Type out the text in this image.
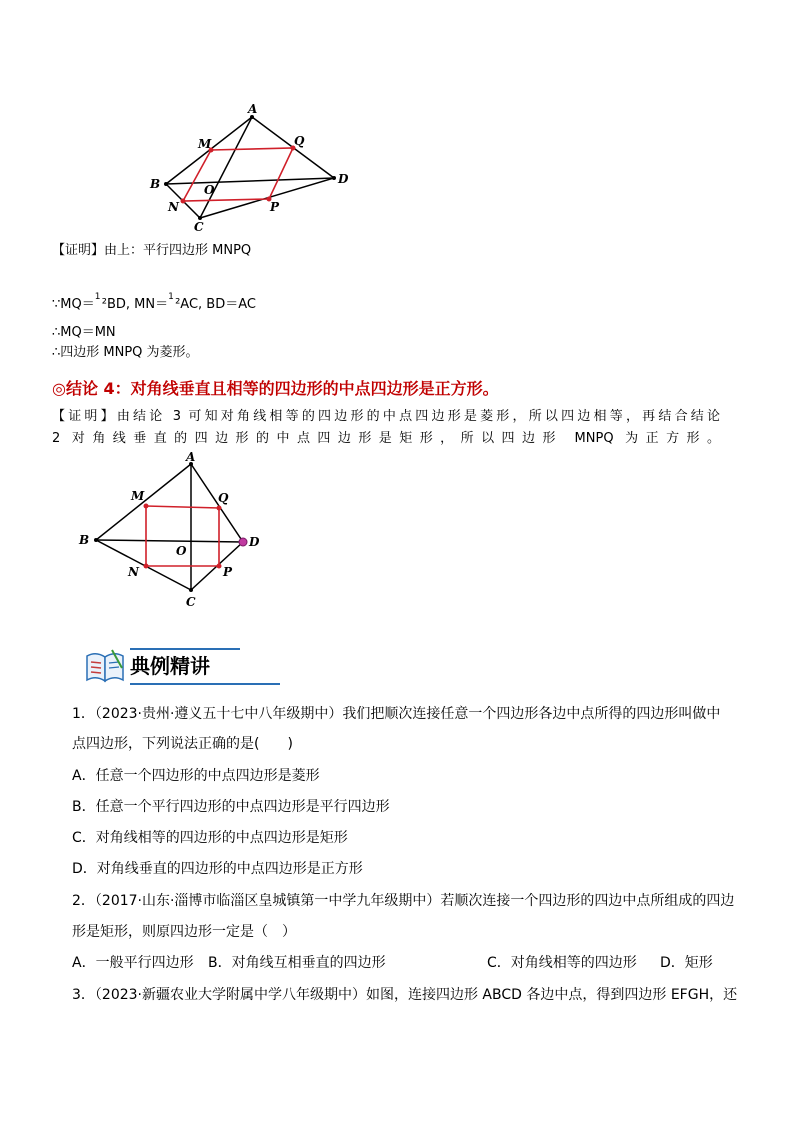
A
M	Q
B	O
D
N	P
C
【证明】由上：平行四边形 MNPQ
∵MQ＝ 1 ²BD, MN＝ 1 ²AC, BD＝AC
∴MQ＝MN
∴四边形 MNPQ 为菱形。
◎结论 4：对角线垂直且相等的四边形的中点四边形是正方形。
【证明】由结论 3 可知对角线相等的四边形的中点四边形是菱形，所以四边相等，再结合结论
2 对角线垂直的四边形的中点四边形是矩形，所以四边形 MNPQ 为正方形。
A
M	Q
B
O
D
N	P
C
典例精讲
1．（2023·贵州·遵义五十七中八年级期中）我们把顺次连接任意一个四边形各边中点所得的四边形叫做中
点四边形，下列说法正确的是(　　)
A．任意一个四边形的中点四边形是菱形
B．任意一个平行四边形的中点四边形是平行四边形
C．对角线相等的四边形的中点四边形是矩形
D．对角线垂直的四边形的中点四边形是正方形
2．（2017·山东·淄博市临淄区皇城镇第一中学九年级期中）若顺次连接一个四边形的四边中点所组成的四边
形是矩形，则原四边形一定是（　）
A．一般平行四边形 B．对角线互相垂直的四边形	C．对角线相等的四边形 D．矩形
3．（2023·新疆农业大学附属中学八年级期中）如图，连接四边形 ABCD 各边中点，得到四边形 EFGH，还
